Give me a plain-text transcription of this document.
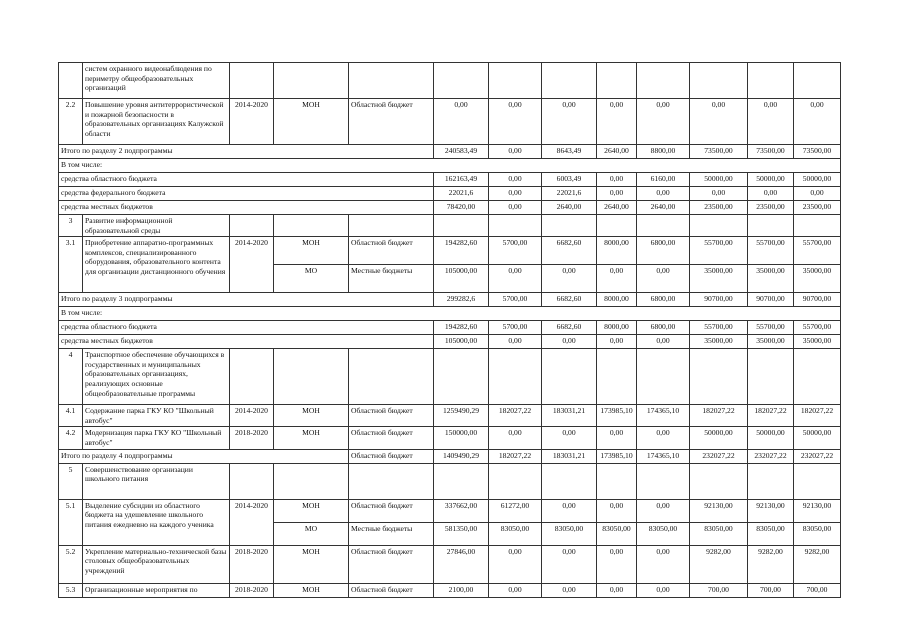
	систем охранного видеонаблюдения по периметру общеобразовательных организаций											
2.2	Повышение уровня антитеррористической и пожарной безопасности в образовательных организациях Калужской области	2014-2020	МОН	Областной бюджет	0,00	0,00	0,00	0,00	0,00	0,00	0,00	0,00
Итого по разделу 2 подпрограммы					240583,49	0,00	8643,49	2640,00	8800,00	73500,00	73500,00	73500,00
В том числе:												
средства областного бюджета					162163,49	0,00	6003,49	0,00	6160,00	50000,00	50000,00	50000,00
средства федерального бюджета					22021,6	0,00	22021,6	0,00	0,00	0,00	0,00	0,00
средства местных бюджетов					78420,00	0,00	2640,00	2640,00	2640,00	23500,00	23500,00	23500,00
3	Развитие информационной образовательной среды											
3.1	Приобретение аппаратно-программных комплексов, специализированного оборудования, образовательного контента для организации дистанционного обучения	2014-2020	МОН	Областной бюджет	194282,60	5700,00	6682,60	8000,00	6800,00	55700,00	55700,00	55700,00
			МО	Местные бюджеты	105000,00	0,00	0,00	0,00	0,00	35000,00	35000,00	35000,00
Итого по разделу 3 подпрограммы					299282,6	5700,00	6682,60	8000,00	6800,00	90700,00	90700,00	90700,00
В том числе:												
средства областного бюджета					194282,60	5700,00	6682,60	8000,00	6800,00	55700,00	55700,00	55700,00
средства местных бюджетов					105000,00	0,00	0,00	0,00	0,00	35000,00	35000,00	35000,00
4	Транспортное обеспечение обучающихся в государственных и муниципальных образовательных организациях, реализующих основные общеобразовательные программы											
4.1	Содержание парка ГКУ КО "Школьный автобус"	2014-2020	МОН	Областной бюджет	1259490,29	182027,22	183031,21	173985,10	174365,10	182027,22	182027,22	182027,22
4.2	Модернизация парка ГКУ КО "Школьный автобус"	2018-2020	МОН	Областной бюджет	150000,00	0,00	0,00	0,00	0,00	50000,00	50000,00	50000,00
Итого по разделу 4 подпрограммы				Областной бюджет	1409490,29	182027,22	183031,21	173985,10	174365,10	232027,22	232027,22	232027,22
5	Совершенствование организации школьного питания											
5.1	Выделение субсидии из областного бюджета на удешевление школьного питания ежедневно на каждого ученика	2014-2020	МОН	Областной бюджет	337662,00	61272,00	0,00	0,00	0,00	92130,00	92130,00	92130,00
			МО	Местные бюджеты	581350,00	83050,00	83050,00	83050,00	83050,00	83050,00	83050,00	83050,00
5.2	Укрепление материально-технической базы столовых общеобразовательных учреждений	2018-2020	МОН	Областной бюджет	27846,00	0,00	0,00	0,00	0,00	9282,00	9282,00	9282,00
5.3	Организационные мероприятия по	2018-2020	МОН	Областной бюджет	2100,00	0,00	0,00	0,00	0,00	700,00	700,00	700,00
